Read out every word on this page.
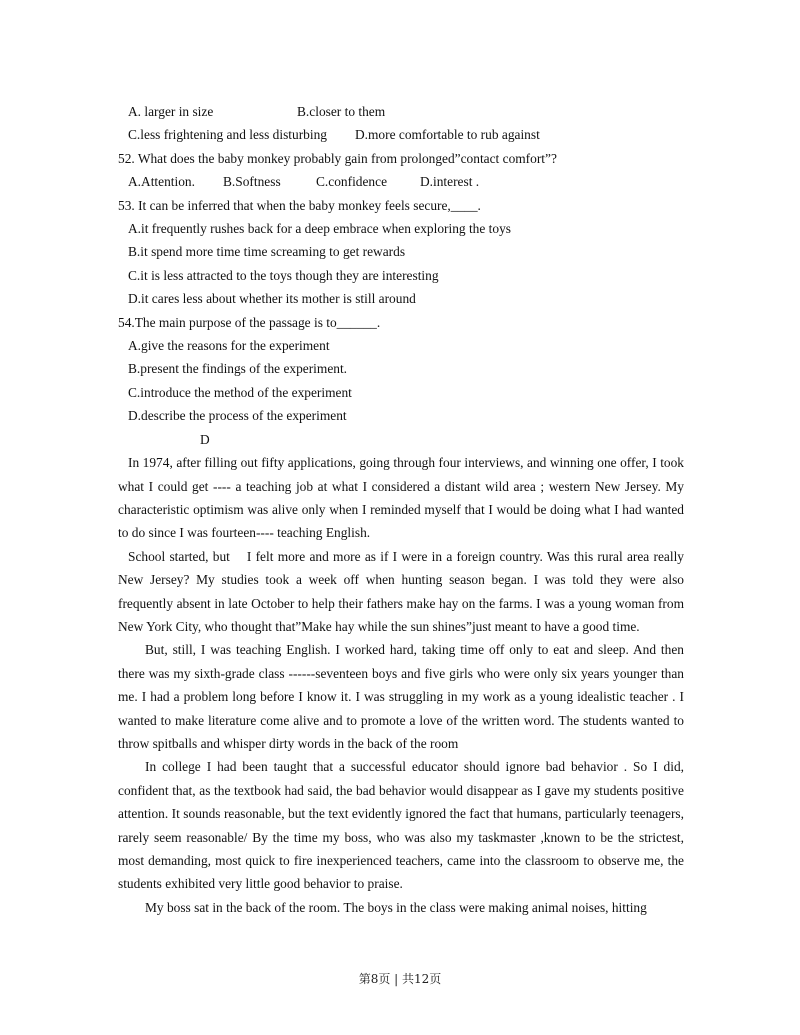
A. larger in size	B.closer to them
C.less frightening and less disturbing	D.more comfortable to rub against
52. What does the baby monkey probably gain from prolonged”contact comfort”?
A.Attention.	B.Softness	C.confidence	D.interest .
53. It can be inferred that when the baby monkey feels secure,____.
A.it frequently rushes back for a deep embrace when exploring the toys
B.it spend more time time screaming to get rewards
C.it is less attracted to the toys though they are interesting
D.it cares less about whether its mother is still around
54.The main purpose of the passage is to______.
A.give the reasons for the experiment
B.present the findings of the experiment.
C.introduce the method of the experiment
D.describe the process of the experiment
D

In 1974, after filling out fifty applications, going through four interviews, and winning one offer, I took what I could get ---- a teaching job at what I considered a distant wild area ; western New Jersey. My characteristic optimism was alive only when I reminded myself that I would be doing what I had wanted to do since I was fourteen---- teaching English.

School started, but    I felt more and more as if I were in a foreign country. Was this rural area really New Jersey? My studies took a week off when hunting season began. I was told they were also frequently absent in late October to help their fathers make hay on the farms. I was a young woman from New York City, who thought that”Make hay while the sun shines”just meant to have a good time.

But, still, I was teaching English. I worked hard, taking time off only to eat and sleep. And then there was my sixth-grade class ------seventeen boys and five girls who were only six years younger than me. I had a problem long before I know it. I was struggling in my work as a young idealistic teacher . I wanted to make literature come alive and to promote a love of the written word. The students wanted to throw spitballs and whisper dirty words in the back of the room

In college I had been taught that a successful educator should ignore bad behavior . So I did, confident that, as the textbook had said, the bad behavior would disappear as I gave my students positive attention. It sounds reasonable, but the text evidently ignored the fact that humans, particularly teenagers, rarely seem reasonable/ By the time my boss, who was also my taskmaster ,known to be the strictest, most demanding, most quick to fire inexperienced teachers, came into the classroom to observe me, the students exhibited very little good behavior to praise.

My boss sat in the back of the room. The boys in the class were making animal noises, hitting

第8页 | 共12页
